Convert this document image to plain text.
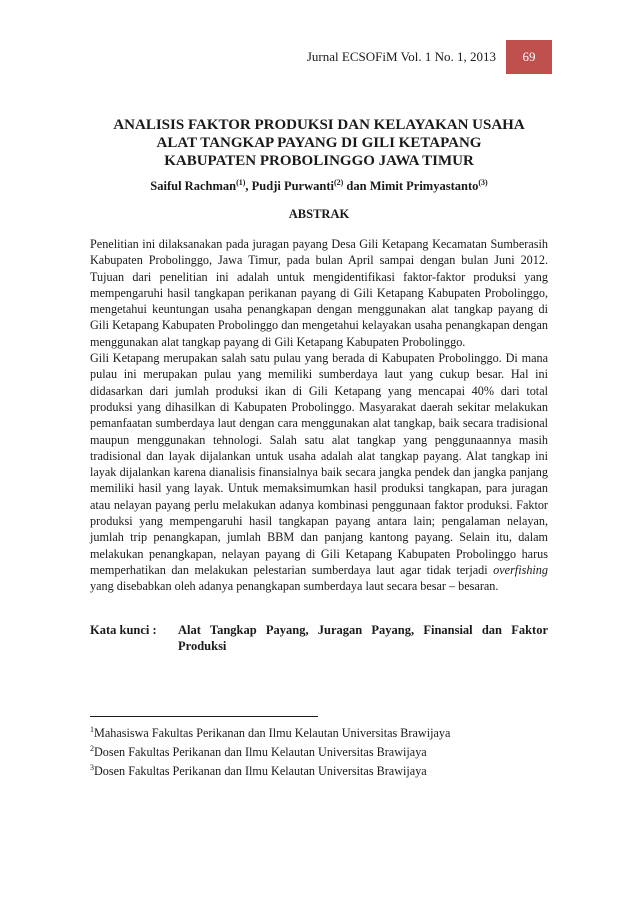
Jurnal ECSOFiM Vol. 1 No. 1, 2013	69
ANALISIS FAKTOR PRODUKSI DAN KELAYAKAN USAHA
ALAT TANGKAP PAYANG DI GILI KETAPANG
KABUPATEN PROBOLINGGO JAWA TIMUR
Saiful Rachman$^{(1)}$, Pudji Purwanti$^{(2)}$ dan Mimit Primyastanto$^{(3)}$
ABSTRAK

Penelitian ini dilaksanakan pada juragan payang Desa Gili Ketapang Kecamatan Sumberasih Kabupaten Probolinggo, Jawa Timur, pada bulan April sampai dengan bulan Juni 2012. Tujuan dari penelitian ini adalah untuk mengidentifikasi faktor-faktor produksi yang mempengaruhi hasil tangkapan perikanan payang di Gili Ketapang Kabupaten Probolinggo, mengetahui keuntungan usaha penangkapan dengan menggunakan alat tangkap payang di Gili Ketapang Kabupaten Probolinggo dan mengetahui kelayakan usaha penangkapan dengan menggunakan alat tangkap payang di Gili Ketapang Kabupaten Probolinggo.

Gili Ketapang merupakan salah satu pulau yang berada di Kabupaten Probolinggo. Di mana pulau ini merupakan pulau yang memiliki sumberdaya laut yang cukup besar. Hal ini didasarkan dari jumlah produksi ikan di Gili Ketapang yang mencapai 40% dari total produksi yang dihasilkan di Kabupaten Probolinggo. Masyarakat daerah sekitar melakukan pemanfaatan sumberdaya laut dengan cara menggunakan alat tangkap, baik secara tradisional maupun menggunakan tehnologi. Salah satu alat tangkap yang penggunaannya masih tradisional dan layak dijalankan untuk usaha adalah alat tangkap payang. Alat tangkap ini layak dijalankan karena dianalisis finansialnya baik secara jangka pendek dan jangka panjang memiliki hasil yang layak. Untuk memaksimumkan hasil produksi tangkapan, para juragan atau nelayan payang perlu melakukan adanya kombinasi penggunaan faktor produksi. Faktor produksi yang mempengaruhi hasil tangkapan payang antara lain; pengalaman nelayan, jumlah trip penangkapan, jumlah BBM dan panjang kantong payang. Selain itu, dalam melakukan penangkapan, nelayan payang di Gili Ketapang Kabupaten Probolinggo harus memperhatikan dan melakukan pelestarian sumberdaya laut agar tidak terjadi overfishing yang disebabkan oleh adanya penangkapan sumberdaya laut secara besar – besaran.

Kata kunci :	Alat Tangkap Payang, Juragan Payang, Finansial dan Faktor Produksi
$^1$Mahasiswa Fakultas Perikanan dan Ilmu Kelautan Universitas Brawijaya
$^2$Dosen Fakultas Perikanan dan Ilmu Kelautan Universitas Brawijaya
$^3$Dosen Fakultas Perikanan dan Ilmu Kelautan Universitas Brawijaya
